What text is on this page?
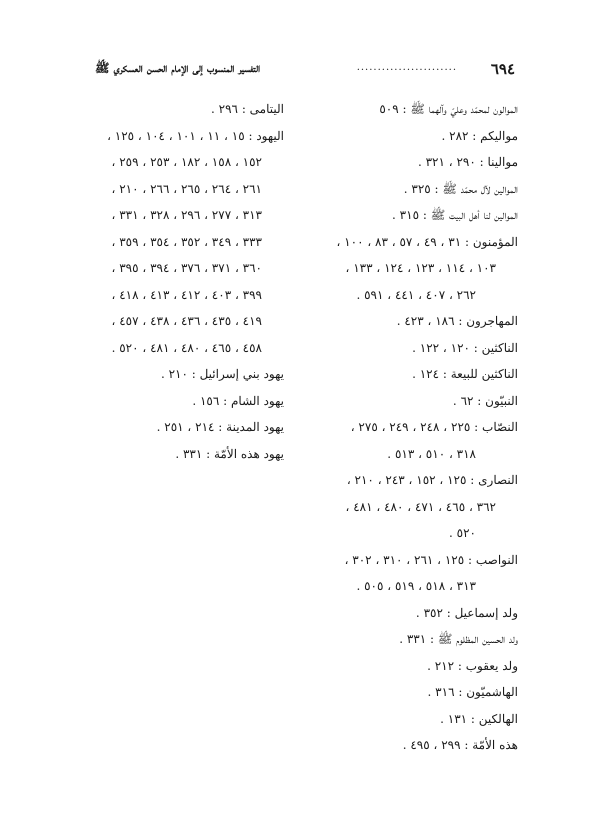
٦٩٤
........................
التفسير المنسوب إلى الإمام الحسن العسكري ﷺ
الموالون لمحمّد وعليّ وآلهما ﷺ : ٥٠٩
مواليكم : ٢٨٢ .
موالينا : ٢٩٠ ، ٣٢١ .
الموالين لآل محمّد ﷺ : ٣٢٥ .
الموالين لنا أهل البيت ﷺ : ٣١٥ .
المؤمنون : ٣١ ، ٤٩ ، ٥٧ ، ٨٣ ، ١٠٠ ،
١٠٣ ، ١١٤ ، ١٢٣ ، ١٢٤ ، ١٣٣ ،
٢٦٢ ، ٤٠٧ ، ٤٤١ ، ٥٩١ .
المهاجرون : ١٨٦ ، ٤٢٣ .
الناكثين : ١٢٠ ، ١٢٢ .
الناكثين للبيعة : ١٢٤ .
النبيّون : ٦٢ .
النصّاب : ٢٢٥ ، ٢٤٨ ، ٢٤٩ ، ٢٧٥ ،
٣١٨ ، ٥١٠ ، ٥١٣ .
النصارى : ١٢٥ ، ١٥٢ ، ٢٤٣ ، ٢١٠ ،
٣٦٢ ، ٤٦٥ ، ٤٧١ ، ٤٨٠ ، ٤٨١ ،
٥٢٠ .
النواصب : ١٢٥ ، ٢٦١ ، ٣١٠ ، ٣٠٢ ،
٣١٣ ، ٥١٨ ، ٥١٩ ، ٥٠٥ .
ولد إسماعيل : ٣٥٢ .
ولد الحسين المظلوم ﷺ : ٣٣١ .
ولد يعقوب : ٢١٢ .
الهاشميّون : ٣١٦ .
الهالكين : ١٣١ .
هذه الأمّة : ٢٩٩ ، ٤٩٥ .
اليتامى : ٢٩٦ .
اليهود : ١٥ ، ١١ ، ١٠١ ، ١٠٤ ، ١٢٥ ،
١٥٢ ، ١٥٨ ، ١٨٢ ، ٢٥٣ ، ٢٥٩ ،
٢٦١ ، ٢٦٤ ، ٢٦٥ ، ٢٦٦ ، ٢١٠ ،
٣١٣ ، ٢٧٧ ، ٢٩٦ ، ٣٢٨ ، ٣٣١ ،
٣٣٣ ، ٣٤٩ ، ٣٥٢ ، ٣٥٤ ، ٣٥٩ ،
٣٦٠ ، ٣٧١ ، ٣٧٦ ، ٣٩٤ ، ٣٩٥ ،
٣٩٩ ، ٤٠٣ ، ٤١٢ ، ٤١٣ ، ٤١٨ ،
٤١٩ ، ٤٣٥ ، ٤٣٦ ، ٤٣٨ ، ٤٥٧ ،
٤٥٨ ، ٤٦٥ ، ٤٨٠ ، ٤٨١ ، ٥٢٠ .
يهود بني إسرائيل : ٢١٠ .
يهود الشام : ١٥٦ .
يهود المدينة : ٢١٤ ، ٢٥١ .
يهود هذه الأمّة : ٣٣١ .
